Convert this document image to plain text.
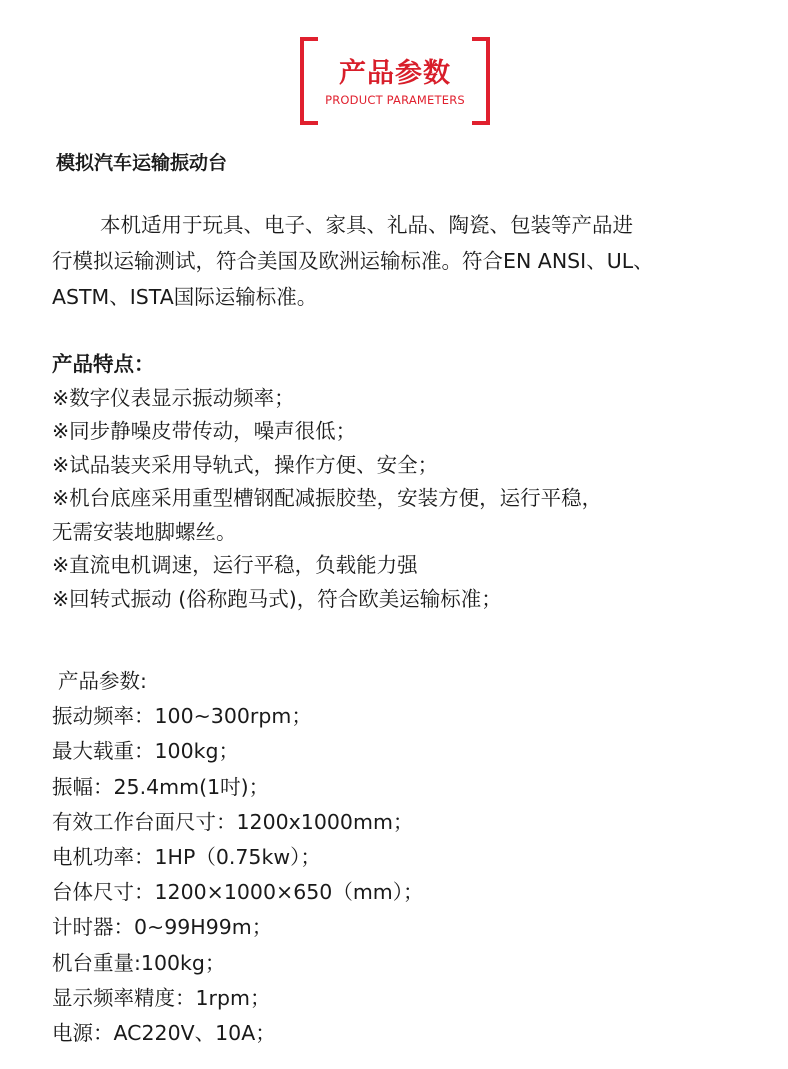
产品参数
PRODUCT PARAMETERS
模拟汽车运输振动台

本机适用于玩具、电子、家具、礼品、陶瓷、包装等产品进

行模拟运输测试，符合美国及欧洲运输标准。符合EN ANSI、UL、

ASTM、ISTA国际运输标准。

产品特点：
※数字仪表显示振动频率；
※同步静噪皮带传动，噪声很低；
※试品装夹采用导轨式，操作方便、安全；
※机台底座采用重型槽钢配减振胶垫，安装方便，运行平稳，
无需安装地脚螺丝。
※直流电机调速，运行平稳，负载能力强
※回转式振动 (俗称跑马式)，符合欧美运输标准；
产品参数:
振动频率：100~300rpm；
最大载重：100kg；
振幅：25.4mm(1吋)；
有效工作台面尺寸：1200x1000mm；
电机功率：1HP（0.75kw）；
台体尺寸：1200×1000×650（mm）；
计时器：0~99H99m；
机台重量:100kg；
显示频率精度：1rpm；
电源：AC220V、10A；
